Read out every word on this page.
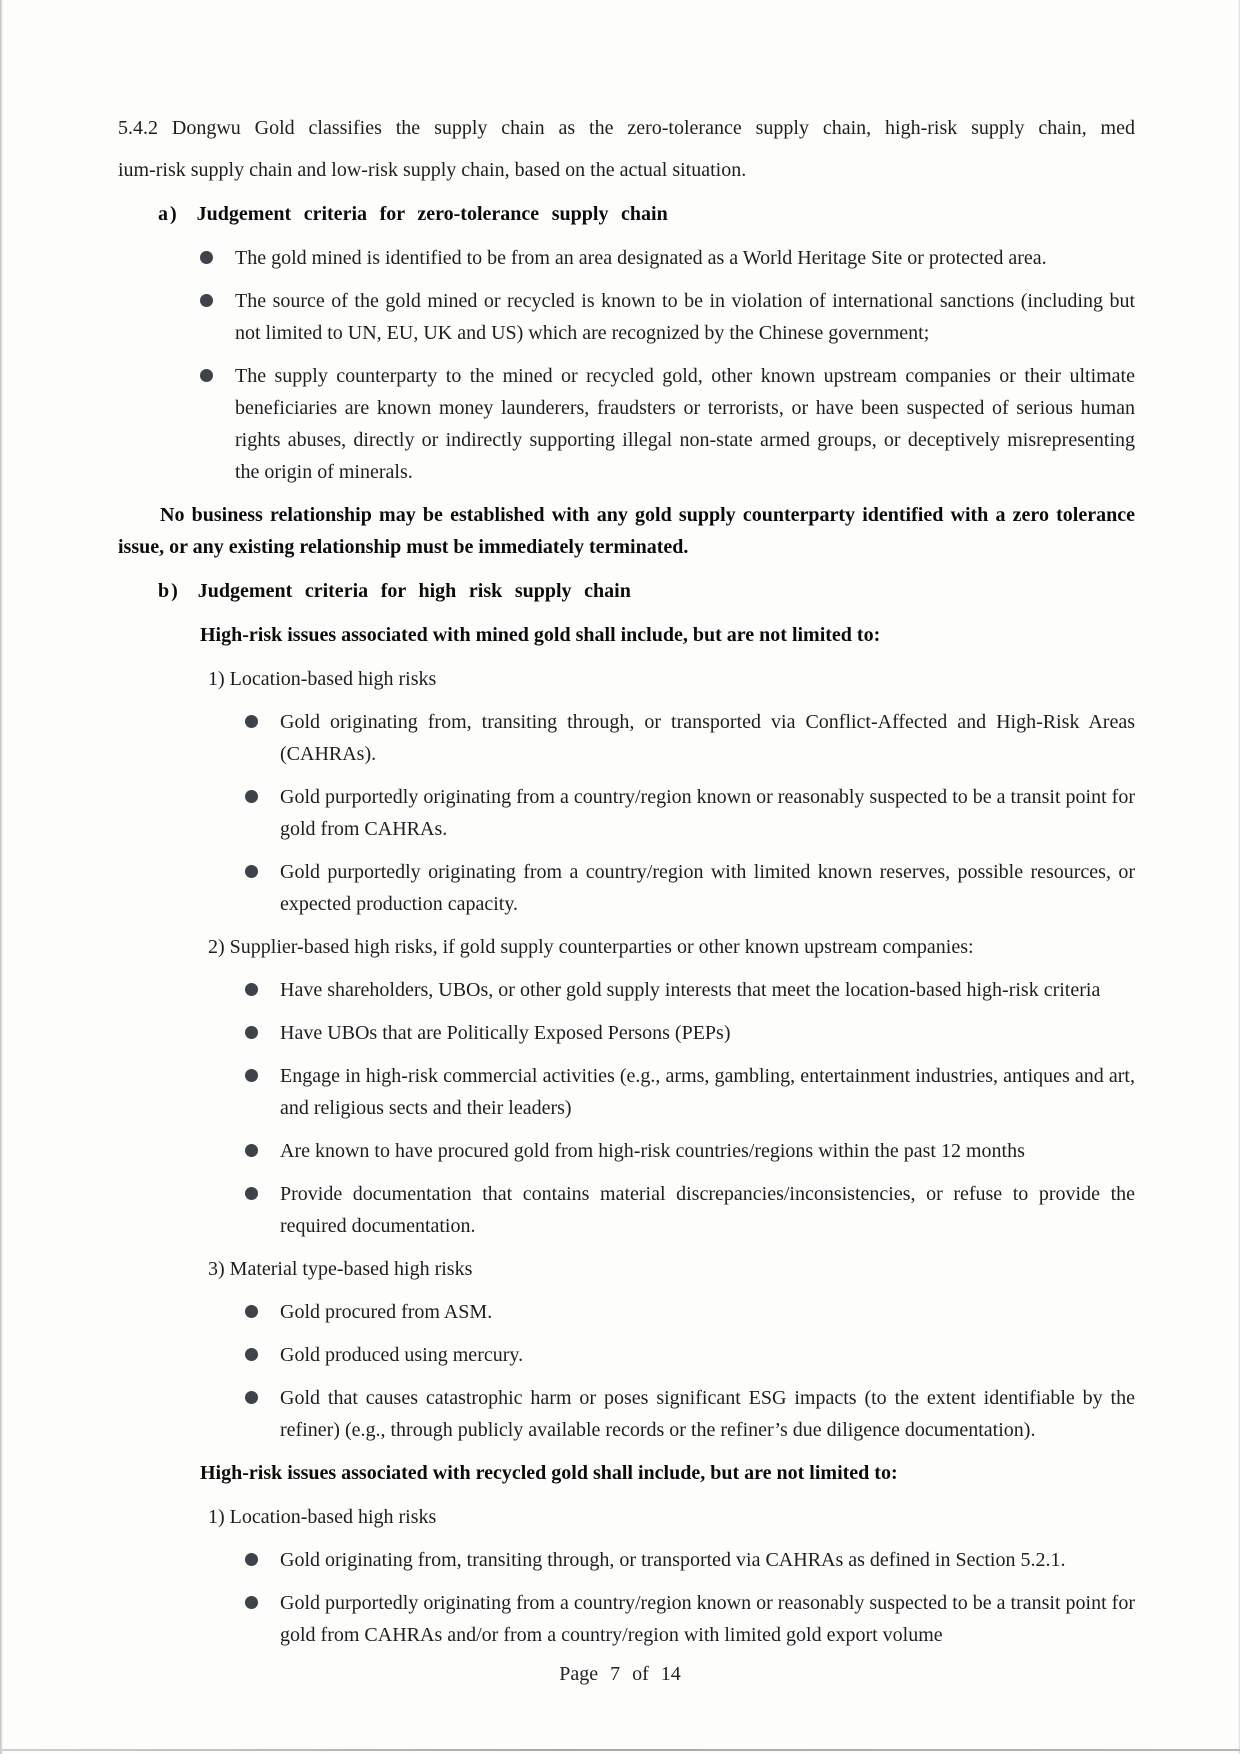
5.4.2 Dongwu Gold classifies the supply chain as the zero-tolerance supply chain, high-risk supply chain, med

ium-risk supply chain and low-risk supply chain, based on the actual situation.

a) Judgement criteria for zero-tolerance supply chain

The gold mined is identified to be from an area designated as a World Heritage Site or protected area.

The source of the gold mined or recycled is known to be in violation of international sanctions (including but not limited to UN, EU, UK and US) which are recognized by the Chinese government;

The supply counterparty to the mined or recycled gold, other known upstream companies or their ultimate beneficiaries are known money launderers, fraudsters or terrorists, or have been suspected of serious human rights abuses, directly or indirectly supporting illegal non-state armed groups, or deceptively misrepresenting the origin of minerals.

No business relationship may be established with any gold supply counterparty identified with a zero tolerance issue, or any existing relationship must be immediately terminated.

b) Judgement criteria for high risk supply chain

High-risk issues associated with mined gold shall include, but are not limited to:

1) Location-based high risks

Gold originating from, transiting through, or transported via Conflict-Affected and High-Risk Areas (CAHRAs).

Gold purportedly originating from a country/region known or reasonably suspected to be a transit point for gold from CAHRAs.

Gold purportedly originating from a country/region with limited known reserves, possible resources, or expected production capacity.

2) Supplier-based high risks, if gold supply counterparties or other known upstream companies:

Have shareholders, UBOs, or other gold supply interests that meet the location-based high-risk criteria

Have UBOs that are Politically Exposed Persons (PEPs)

Engage in high-risk commercial activities (e.g., arms, gambling, entertainment industries, antiques and art, and religious sects and their leaders)

Are known to have procured gold from high-risk countries/regions within the past 12 months

Provide documentation that contains material discrepancies/inconsistencies, or refuse to provide the required documentation.

3) Material type-based high risks

Gold procured from ASM.

Gold produced using mercury.

Gold that causes catastrophic harm or poses significant ESG impacts (to the extent identifiable by the refiner) (e.g., through publicly available records or the refiner’s due diligence documentation).

High-risk issues associated with recycled gold shall include, but are not limited to:

1) Location-based high risks

Gold originating from, transiting through, or transported via CAHRAs as defined in Section 5.2.1.

Gold purportedly originating from a country/region known or reasonably suspected to be a transit point for gold from CAHRAs and/or from a country/region with limited gold export volume

Page 7 of 14
